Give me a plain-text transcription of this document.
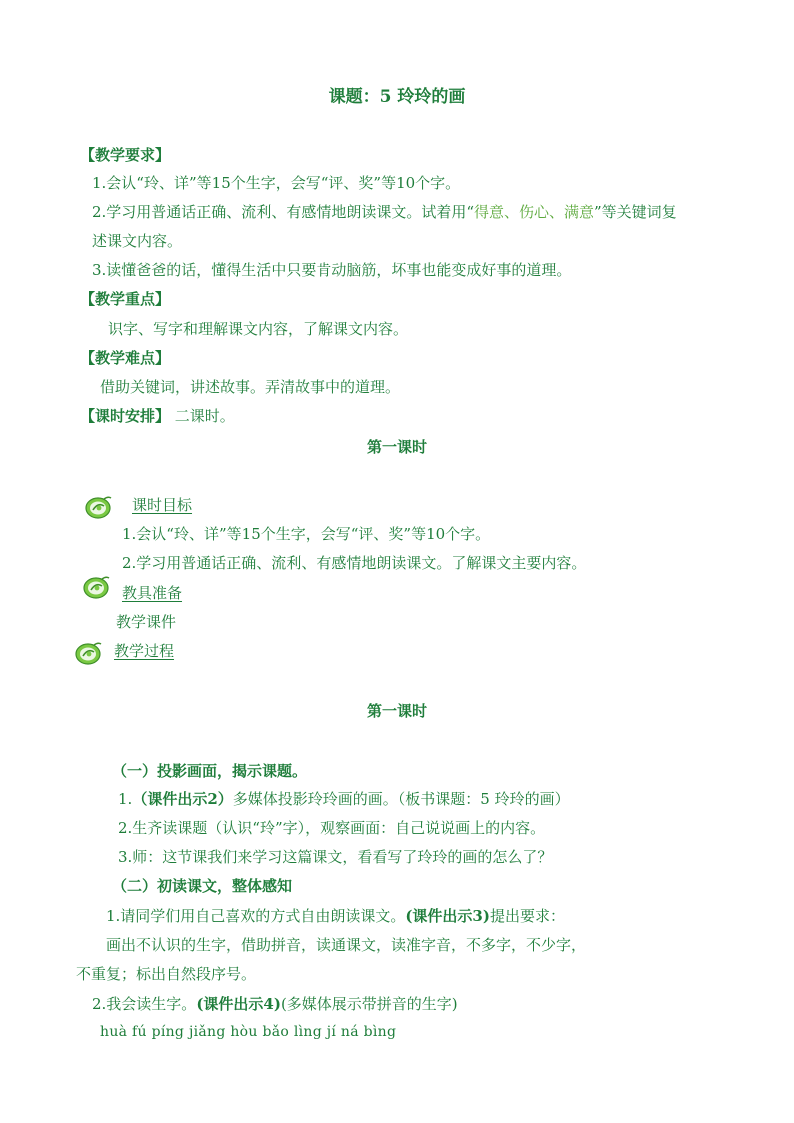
课题：5 玲玲的画
【教学要求】
1.会认“玲、详”等15个生字，会写“评、奖”等10个字。
2.学习用普通话正确、流利、有感情地朗读课文。试着用“得意、伤心、满意”等关键词复
述课文内容。
3.读懂爸爸的话，懂得生活中只要肯动脑筋，坏事也能变成好事的道理。
【教学重点】
识字、写字和理解课文内容，了解课文内容。
【教学难点】
借助关键词，讲述故事。弄清故事中的道理。
【课时安排】 二课时。
第一课时
课时目标
1.会认“玲、详”等15个生字，会写“评、奖”等10个字。
2.学习用普通话正确、流利、有感情地朗读课文。了解课文主要内容。
教具准备
教学课件
教学过程
第一课时
（一）投影画面，揭示课题。
1.（课件出示2）多媒体投影玲玲画的画。（板书课题：5 玲玲的画）
2.生齐读课题（认识“玲”字），观察画面：自己说说画上的内容。
3.师：这节课我们来学习这篇课文，看看写了玲玲的画的怎么了？
（二）初读课文，整体感知
1.请同学们用自己喜欢的方式自由朗读课文。(课件出示3)提出要求：
画出不认识的生字，借助拼音，读通课文，读准字音，不多字，不少字，
不重复；标出自然段序号。
2.我会读生字。(课件出示4)(多媒体展示带拼音的生字)
huà fú píng jiǎng hòu bǎo lìng jí ná bìng
